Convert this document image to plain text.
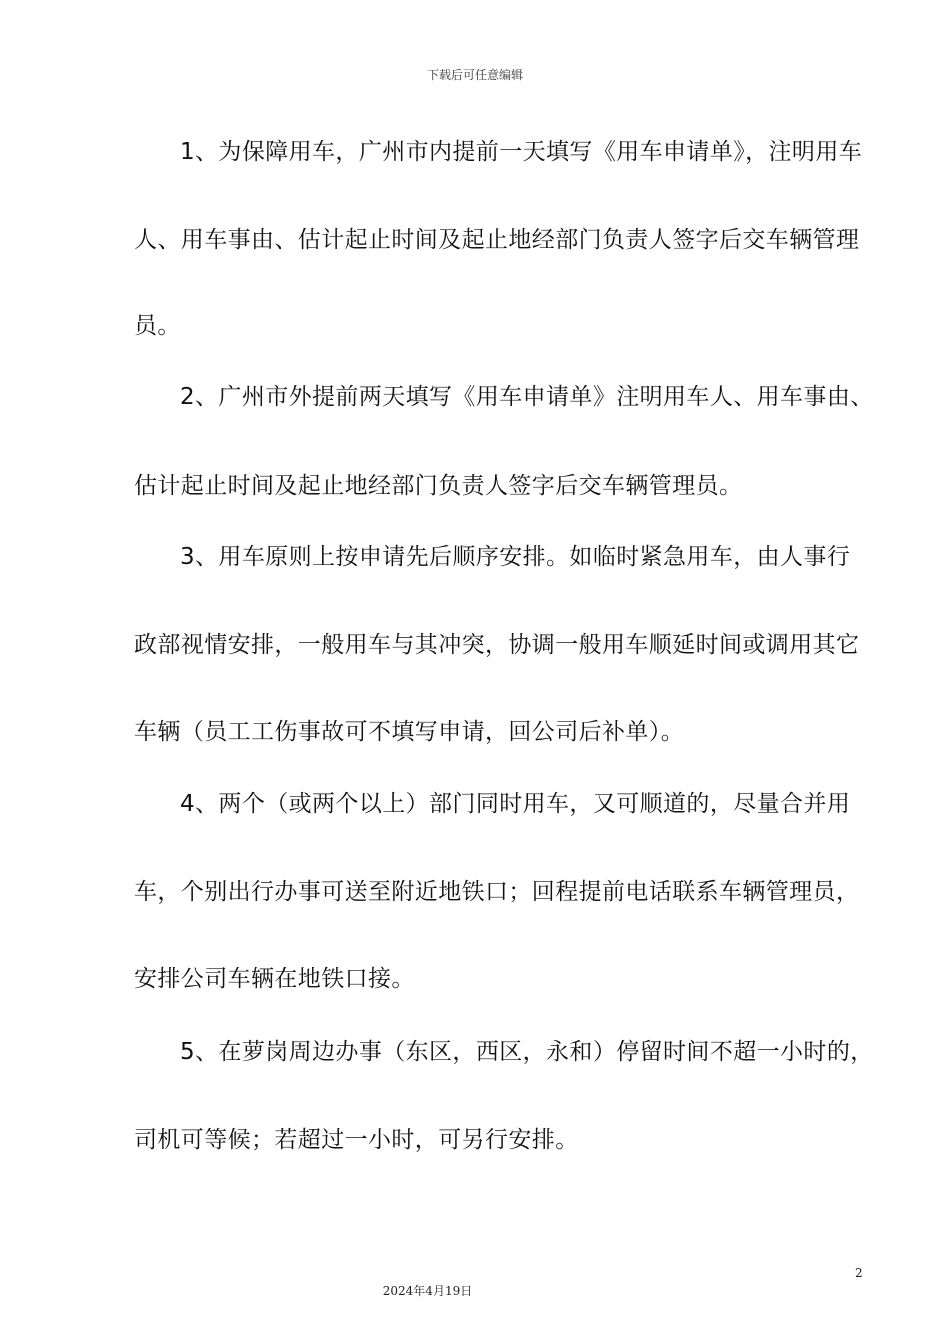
下载后可任意编辑
1、为保障用车，广州市内提前一天填写《用车申请单》，注明用车
人、用车事由、估计起止时间及起止地经部门负责人签字后交车辆管理
员。
2、广州市外提前两天填写《用车申请单》注明用车人、用车事由、
估计起止时间及起止地经部门负责人签字后交车辆管理员。
3、用车原则上按申请先后顺序安排。如临时紧急用车，由人事行
政部视情安排，一般用车与其冲突，协调一般用车顺延时间或调用其它
车辆（员工工伤事故可不填写申请，回公司后补单）。
4、两个（或两个以上）部门同时用车，又可顺道的，尽量合并用
车，个别出行办事可送至附近地铁口；回程提前电话联系车辆管理员，
安排公司车辆在地铁口接。
5、在萝岗周边办事（东区，西区，永和）停留时间不超一小时的，
司机可等候；若超过一小时，可另行安排。
2
2024年4月19日
